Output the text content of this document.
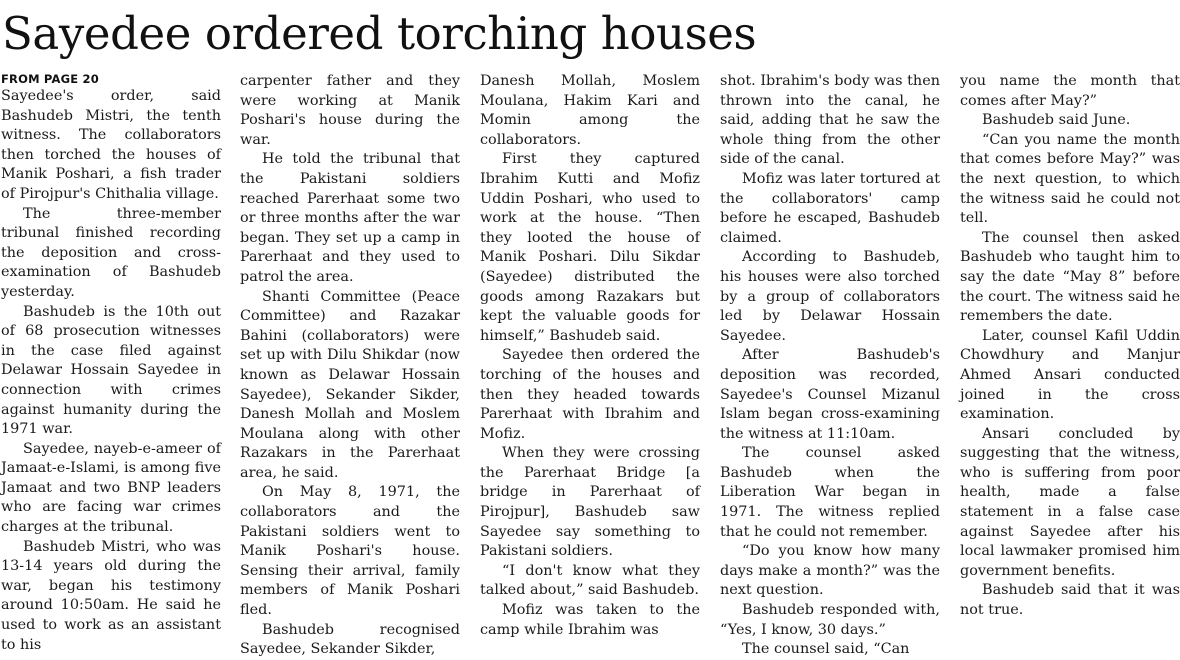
Sayedee ordered torching houses
FROM PAGE 20
Sayedee's order, said Bashudeb Mistri, the tenth witness. The collaborators then torched the houses of Manik Poshari, a fish trader of Pirojpur's Chithalia village.
The three-member tribunal finished recording the deposition and cross-examination of Bashudeb yesterday.
Bashudeb is the 10th out of 68 prosecution witnesses in the case filed against Delawar Hossain Sayedee in connection with crimes against humanity during the 1971 war.
Sayedee, nayeb-e-ameer of Jamaat-e-Islami, is among five Jamaat and two BNP leaders who are facing war crimes charges at the tribunal.
Bashudeb Mistri, who was 13-14 years old during the war, began his testimony around 10:50am. He said he used to work as an assistant to his
carpenter father and they were working at Manik Poshari's house during the war.
He told the tribunal that the Pakistani soldiers reached Parerhaat some two or three months after the war began. They set up a camp in Parerhaat and they used to patrol the area.
Shanti Committee (Peace Committee) and Razakar Bahini (collaborators) were set up with Dilu Shikdar (now known as Delawar Hossain Sayedee), Sekander Sikder, Danesh Mollah and Moslem Moulana along with other Razakars in the Parerhaat area, he said.
On May 8, 1971, the collaborators and the Pakistani soldiers went to Manik Poshari's house. Sensing their arrival, family members of Manik Poshari fled.
Bashudeb recognised Sayedee, Sekander Sikder,
Danesh Mollah, Moslem Moulana, Hakim Kari and Momin among the collaborators.
First they captured Ibrahim Kutti and Mofiz Uddin Poshari, who used to work at the house. “Then they looted the house of Manik Poshari. Dilu Sikdar (Sayedee) distributed the goods among Razakars but kept the valuable goods for himself,” Bashudeb said.
Sayedee then ordered the torching of the houses and then they headed towards Parerhaat with Ibrahim and Mofiz.
When they were crossing the Parerhaat Bridge [a bridge in Parerhaat of Pirojpur], Bashudeb saw Sayedee say something to Pakistani soldiers.
“I don't know what they talked about,” said Bashudeb.
Mofiz was taken to the camp while Ibrahim was
shot. Ibrahim's body was then thrown into the canal, he said, adding that he saw the whole thing from the other side of the canal.
Mofiz was later tortured at the collaborators' camp before he escaped, Bashudeb claimed.
According to Bashudeb, his houses were also torched by a group of collaborators led by Delawar Hossain Sayedee.
After Bashudeb's deposition was recorded, Sayedee's Counsel Mizanul Islam began cross-examining the witness at 11:10am.
The counsel asked Bashudeb when the Liberation War began in 1971. The witness replied that he could not remember.
“Do you know how many days make a month?” was the next question.
Bashudeb responded with, “Yes, I know, 30 days.”
The counsel said, “Can
you name the month that comes after May?”
Bashudeb said June.
“Can you name the month that comes before May?” was the next question, to which the witness said he could not tell.
The counsel then asked Bashudeb who taught him to say the date “May 8” before the court. The witness said he remembers the date.
Later, counsel Kafil Uddin Chowdhury and Manjur Ahmed Ansari conducted joined in the cross examination.
Ansari concluded by suggesting that the witness, who is suffering from poor health, made a false statement in a false case against Sayedee after his local lawmaker promised him government benefits.
Bashudeb said that it was not true.
